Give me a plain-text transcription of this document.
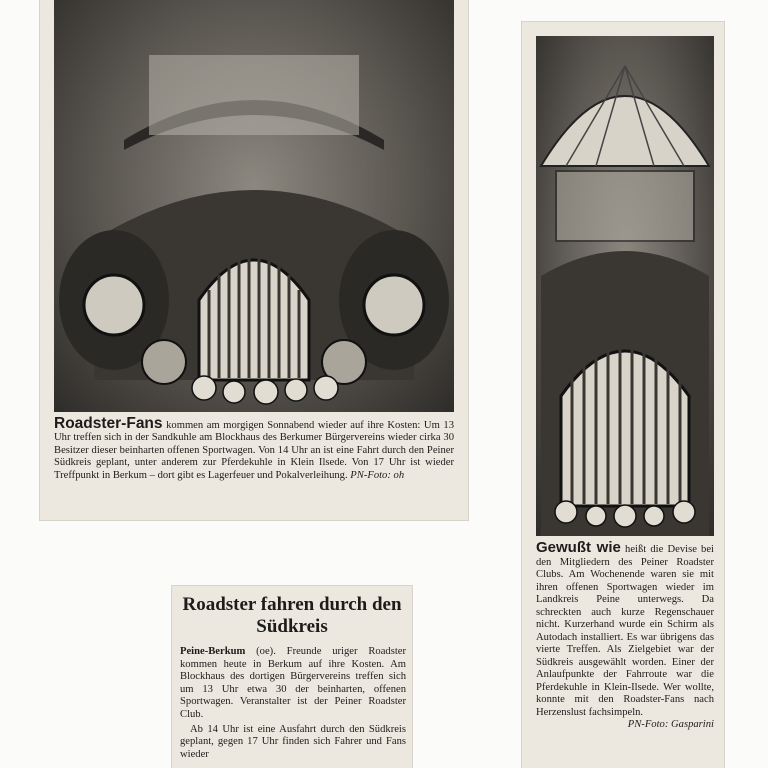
Roadster-Fans kommen am morgigen Sonnabend wieder auf ihre Kosten: Um 13 Uhr treffen sich in der Sandkuhle am Blockhaus des Berkumer Bürgervereins wieder cirka 30 Besitzer dieser beinharten offenen Sportwagen. Von 14 Uhr an ist eine Fahrt durch den Peiner Südkreis geplant, unter anderem zur Pferdekuhle in Klein Ilsede. Von 17 Uhr ist wieder Treffpunkt in Berkum – dort gibt es Lagerfeuer und Pokalverleihung. PN-Foto: oh
Roadster fahren durch den Südkreis

Peine-Berkum (oe). Freunde uriger Roadster kommen heute in Berkum auf ihre Kosten. Am Blockhaus des dortigen Bürgervereins treffen sich um 13 Uhr etwa 30 der beinharten, offenen Sportwagen. Veranstalter ist der Peiner Roadster Club.

Ab 14 Uhr ist eine Ausfahrt durch den Südkreis geplant, gegen 17 Uhr finden sich Fahrer und Fans wieder

Gewußt wie heißt die Devise bei den Mitgliedern des Peiner Roadster Clubs. Am Wochenende waren sie mit ihren offenen Sportwagen wieder im Landkreis Peine unterwegs. Da schreckten auch kurze Regenschauer nicht. Kurzerhand wurde ein Schirm als Autodach installiert. Es war übrigens das vierte Treffen. Als Zielgebiet war der Südkreis ausgewählt worden. Einer der Anlaufpunkte der Fahrroute war die Pferdekuhle in Klein-Ilsede. Wer wollte, konnte mit den Roadster-Fans nach Herzenslust fachsimpeln.
PN-Foto: Gasparini
